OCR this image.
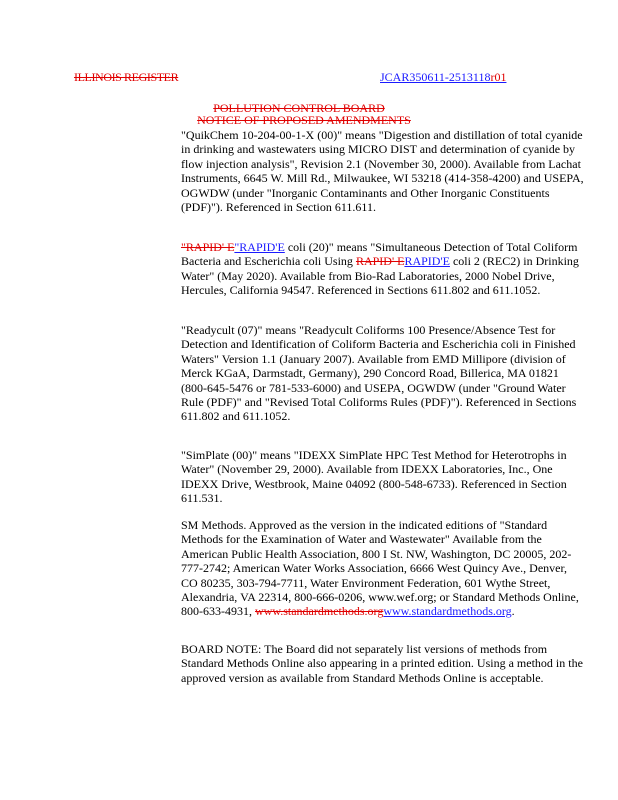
ILLINOIS REGISTER	JCAR350611-2513118r01
POLLUTION CONTROL BOARD
NOTICE OF PROPOSED AMENDMENTS

"QuikChem 10-204-00-1-X (00)" means "Digestion and distillation of total cyanide in drinking and wastewaters using MICRO DIST and determination of cyanide by flow injection analysis", Revision 2.1 (November 30, 2000). Available from Lachat Instruments, 6645 W. Mill Rd., Milwaukee, WI 53218 (414-358-4200) and USEPA, OGWDW (under "Inorganic Contaminants and Other Inorganic Constituents (PDF)"). Referenced in Section 611.611.

"RAPID' E"RAPID'E coli (20)" means "Simultaneous Detection of Total Coliform Bacteria and Escherichia coli Using RAPID' ERAPID'E coli 2 (REC2) in Drinking Water" (May 2020). Available from Bio-Rad Laboratories, 2000 Nobel Drive, Hercules, California 94547. Referenced in Sections 611.802 and 611.1052.

"Readycult (07)" means "Readycult Coliforms 100 Presence/Absence Test for Detection and Identification of Coliform Bacteria and Escherichia coli in Finished Waters" Version 1.1 (January 2007). Available from EMD Millipore (division of Merck KGaA, Darmstadt, Germany), 290 Concord Road, Billerica, MA 01821 (800-645-5476 or 781-533-6000) and USEPA, OGWDW (under "Ground Water Rule (PDF)" and "Revised Total Coliforms Rules (PDF)"). Referenced in Sections 611.802 and 611.1052.

"SimPlate (00)" means "IDEXX SimPlate HPC Test Method for Heterotrophs in Water" (November 29, 2000). Available from IDEXX Laboratories, Inc., One IDEXX Drive, Westbrook, Maine 04092 (800-548-6733). Referenced in Section 611.531.

SM Methods. Approved as the version in the indicated editions of "Standard Methods for the Examination of Water and Wastewater" Available from the American Public Health Association, 800 I St. NW, Washington, DC 20005, 202-777-2742; American Water Works Association, 6666 West Quincy Ave., Denver, CO 80235, 303-794-7711, Water Environment Federation, 601 Wythe Street, Alexandria, VA 22314, 800-666-0206, www.wef.org; or Standard Methods Online, 800-633-4931, www.standardmethods.orgwww.standardmethods.org.

BOARD NOTE: The Board did not separately list versions of methods from Standard Methods Online also appearing in a printed edition. Using a method in the approved version as available from Standard Methods Online is acceptable.
